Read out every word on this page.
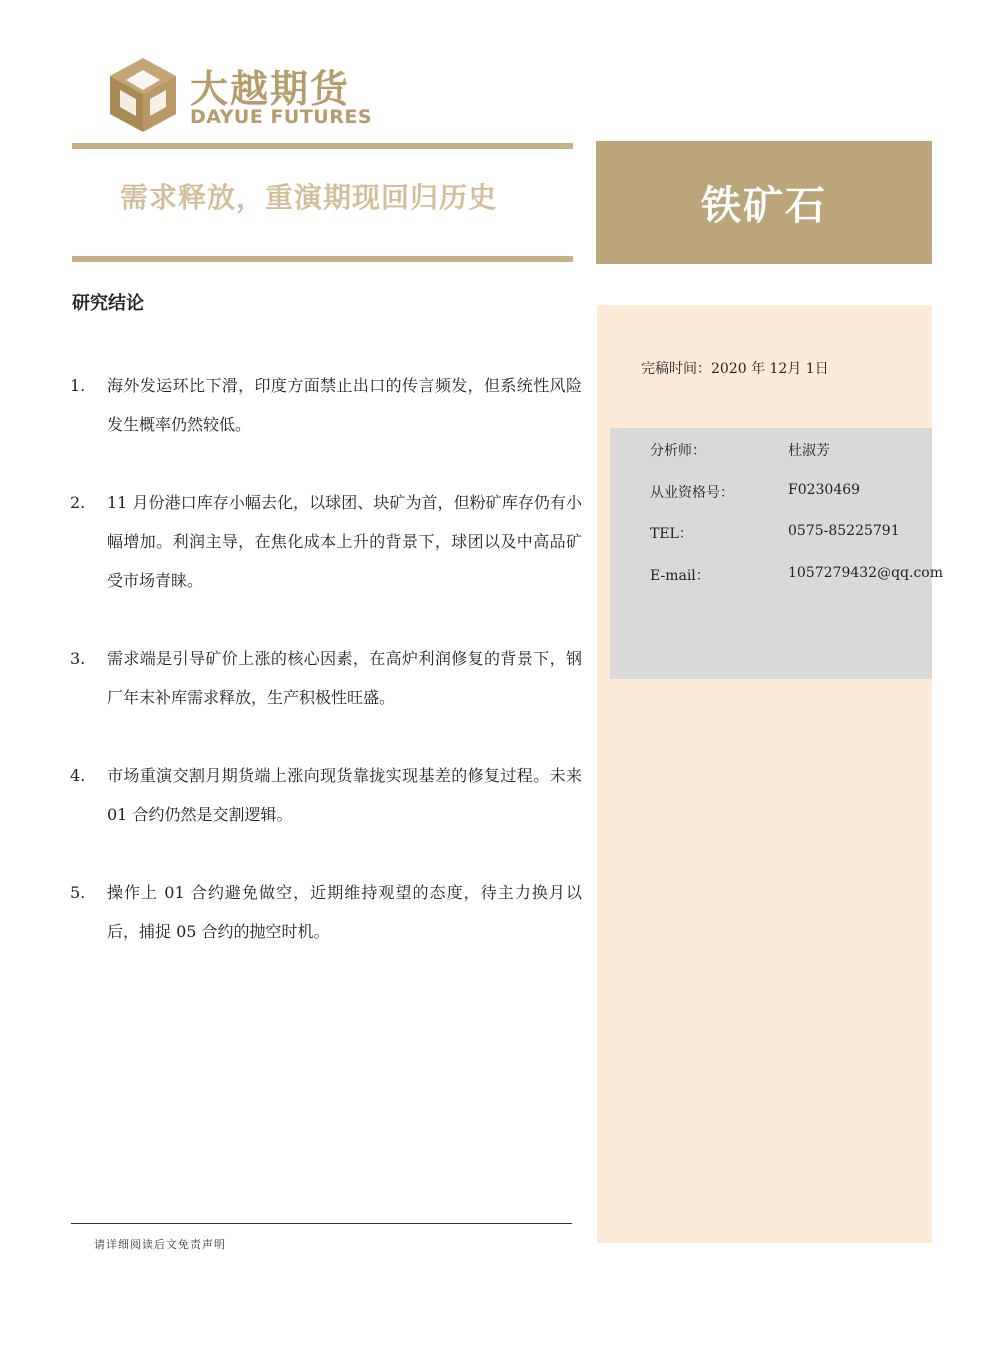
大越期货
DAYUE FUTURES
需求释放，重演期现回归历史	铁矿石
研究结论
1. 海外发运环比下滑，印度方面禁止出口的传言频发，但系统性风险发生概率仍然较低。
2. 11 月份港口库存小幅去化，以球团、块矿为首，但粉矿库存仍有小幅增加。利润主导，在焦化成本上升的背景下，球团以及中高品矿受市场青睐。
3. 需求端是引导矿价上涨的核心因素，在高炉利润修复的背景下，钢厂年末补库需求释放，生产积极性旺盛。
4. 市场重演交割月期货端上涨向现货靠拢实现基差的修复过程。未来 01 合约仍然是交割逻辑。
5. 操作上 01 合约避免做空，近期维持观望的态度，待主力换月以后，捕捉 05 合约的抛空时机。
完稿时间：2020 年 12月 1日
分析师：	杜淑芳
从业资格号：	F0230469
TEL：	0575-85225791
E-mail：	1057279432@qq.com
请详细阅读后文免责声明
